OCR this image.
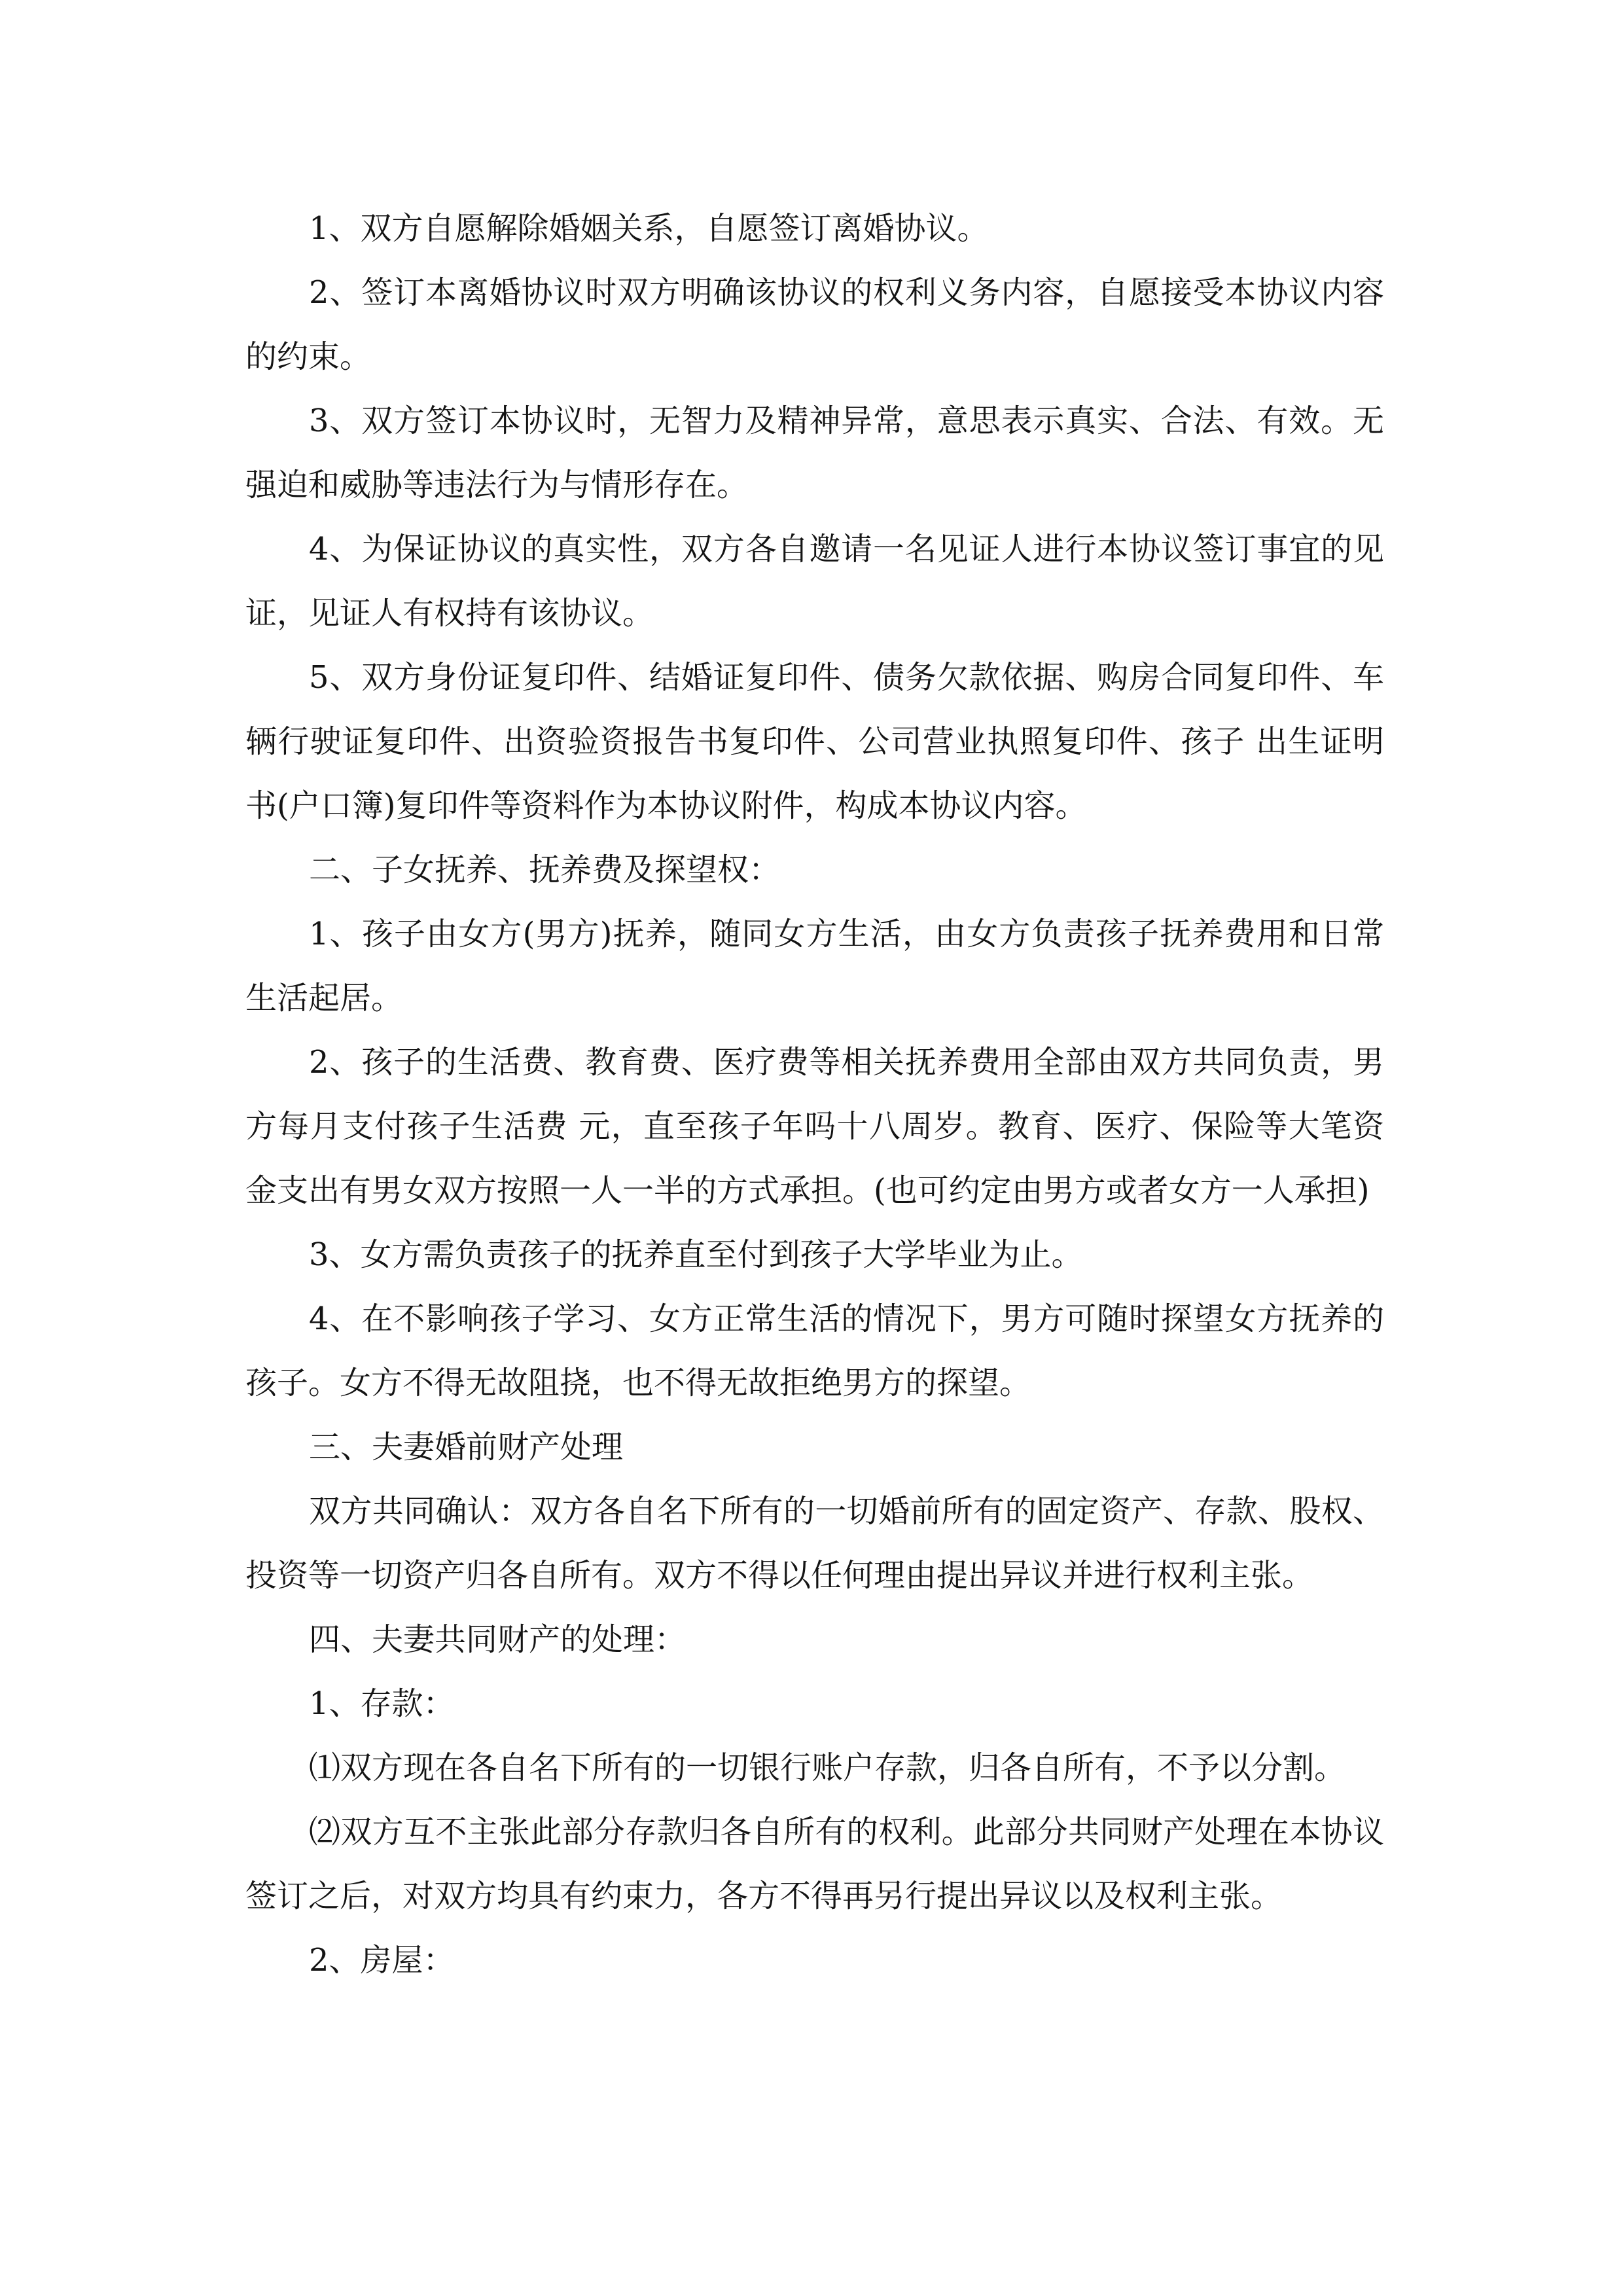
1、双方自愿解除婚姻关系，自愿签订离婚协议。

2、签订本离婚协议时双方明确该协议的权利义务内容，自愿接受本协议内容的约束。

3、双方签订本协议时，无智力及精神异常，意思表示真实、合法、有效。无强迫和威胁等违法行为与情形存在。

4、为保证协议的真实性，双方各自邀请一名见证人进行本协议签订事宜的见证，见证人有权持有该协议。

5、双方身份证复印件、结婚证复印件、债务欠款依据、购房合同复印件、车辆行驶证复印件、出资验资报告书复印件、公司营业执照复印件、孩子 出生证明书(户口簿)复印件等资料作为本协议附件，构成本协议内容。

二、子女抚养、抚养费及探望权：

1、孩子由女方(男方)抚养，随同女方生活，由女方负责孩子抚养费用和日常生活起居。

2、孩子的生活费、教育费、医疗费等相关抚养费用全部由双方共同负责，男方每月支付孩子生活费 元，直至孩子年吗十八周岁。教育、医疗、保险等大笔资金支出有男女双方按照一人一半的方式承担。(也可约定由男方或者女方一人承担)

3、女方需负责孩子的抚养直至付到孩子大学毕业为止。

4、在不影响孩子学习、女方正常生活的情况下，男方可随时探望女方抚养的孩子。女方不得无故阻挠，也不得无故拒绝男方的探望。

三、夫妻婚前财产处理

双方共同确认：双方各自名下所有的一切婚前所有的固定资产、存款、股权、投资等一切资产归各自所有。双方不得以任何理由提出异议并进行权利主张。

四、夫妻共同财产的处理：

1、存款：

⑴双方现在各自名下所有的一切银行账户存款，归各自所有，不予以分割。

⑵双方互不主张此部分存款归各自所有的权利。此部分共同财产处理在本协议签订之后，对双方均具有约束力，各方不得再另行提出异议以及权利主张。

2、房屋：
